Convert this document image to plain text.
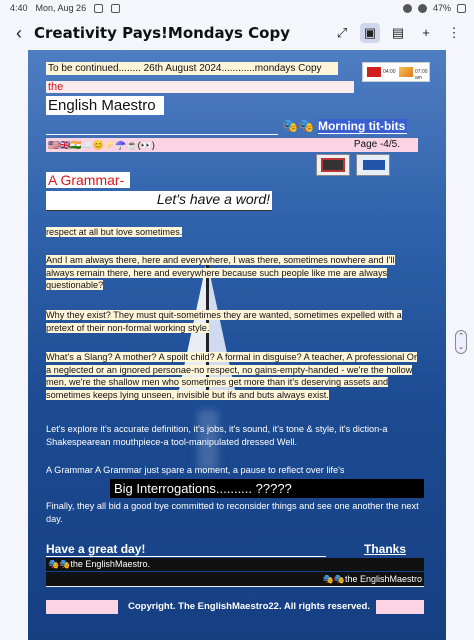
4:40 Mon, Aug 26	47%
‹ Creativity Pays!Mondays Copy	⤢	▣ ▤	+	⋮
To be continued........ 26th August 2024............mondays Copy	04:00	07:00 am
the
English Maestro
🎭🎭 Morning tit-bits
🇺🇸🇬🇧🇮🇳☁️😊🥟☂️☕(👀)	Page -4/5.
A Grammar-
Let's have a word!
respect at all but love sometimes.
And I am always there, here and everywhere, I was there, sometimes nowhere and I'll always remain there, here and everywhere because such people like me are always questionable?
Why they exist? They must quit-sometimes they are wanted, sometimes expelled with a pretext of their non-formal working style.
What's a Slang? A mother? A spoilt child? A formal in disguise? A teacher, A professional Or a neglected or an ignored personae-no respect, no gains-empty-handed - we're the hollow men, we're the shallow men who sometimes get more than it's deserving assets and sometimes keeps lying unseen, invisible but ifs and buts always exist.
Let's explore it's accurate definition, it's jobs, it's sound, it's tone & style, it's diction-a Shakespearean mouthpiece-a tool-manipulated dressed Well.
A Grammar A Grammar just spare a moment, a pause to reflect over life's
Big Interrogations.......... ?????
Finally, they all bid a good bye committed to reconsider things and see one another the next day.
Have a great day!	Thanks
🎭🎭the EnglishMaestro.
🎭🎭the EnglishMaestro
Copyright. The EnglishMaestro22. All rights reserved.
⌃
⌄
